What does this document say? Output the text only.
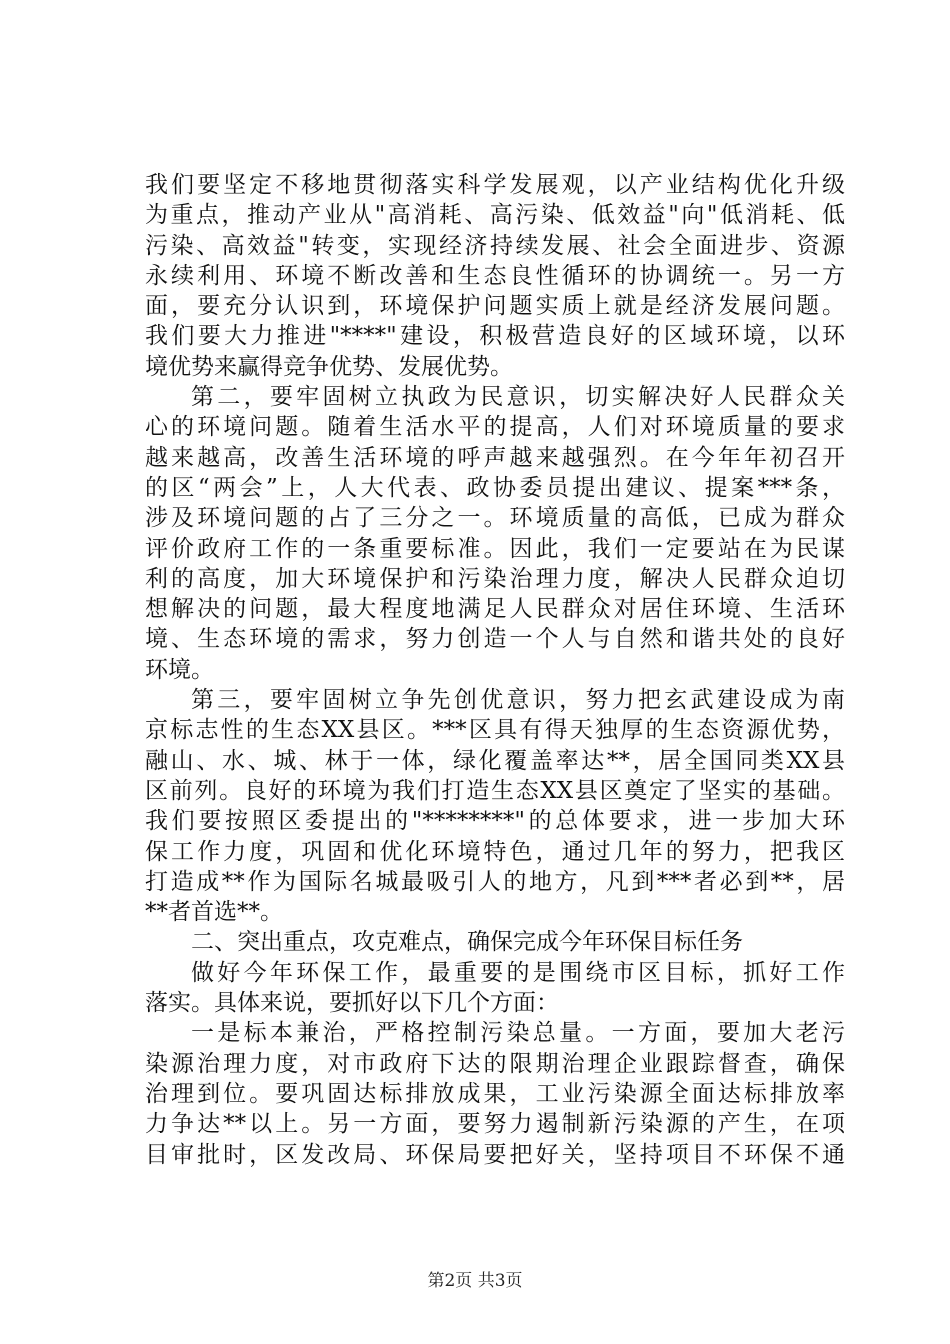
我们要坚定不移地贯彻落实科学发展观，以产业结构优化升级
为重点，推动产业从"高消耗、高污染、低效益"向"低消耗、低
污染、高效益"转变，实现经济持续发展、社会全面进步、资源
永续利用、环境不断改善和生态良性循环的协调统一。另一方
面，要充分认识到，环境保护问题实质上就是经济发展问题。
我们要大力推进"****"建设，积极营造良好的区域环境，以环
境优势来赢得竞争优势、发展优势。
第二，要牢固树立执政为民意识，切实解决好人民群众关
心的环境问题。随着生活水平的提高，人们对环境质量的要求
越来越高，改善生活环境的呼声越来越强烈。在今年年初召开
的区“两会”上，人大代表、政协委员提出建议、提案***条，
涉及环境问题的占了三分之一。环境质量的高低，已成为群众
评价政府工作的一条重要标准。因此，我们一定要站在为民谋
利的高度，加大环境保护和污染治理力度，解决人民群众迫切
想解决的问题，最大程度地满足人民群众对居住环境、生活环
境、生态环境的需求，努力创造一个人与自然和谐共处的良好
环境。
第三，要牢固树立争先创优意识，努力把玄武建设成为南
京标志性的生态XX县区。***区具有得天独厚的生态资源优势，
融山、水、城、林于一体，绿化覆盖率达**，居全国同类XX县
区前列。良好的环境为我们打造生态XX县区奠定了坚实的基础。
我们要按照区委提出的"********"的总体要求，进一步加大环
保工作力度，巩固和优化环境特色，通过几年的努力，把我区
打造成**作为国际名城最吸引人的地方，凡到***者必到**，居
**者首选**。
二、突出重点，攻克难点，确保完成今年环保目标任务
做好今年环保工作，最重要的是围绕市区目标，抓好工作
落实。具体来说，要抓好以下几个方面：
一是标本兼治，严格控制污染总量。一方面，要加大老污
染源治理力度，对市政府下达的限期治理企业跟踪督查，确保
治理到位。要巩固达标排放成果，工业污染源全面达标排放率
力争达**以上。另一方面，要努力遏制新污染源的产生，在项
目审批时，区发改局、环保局要把好关，坚持项目不环保不通
第2页 共3页
